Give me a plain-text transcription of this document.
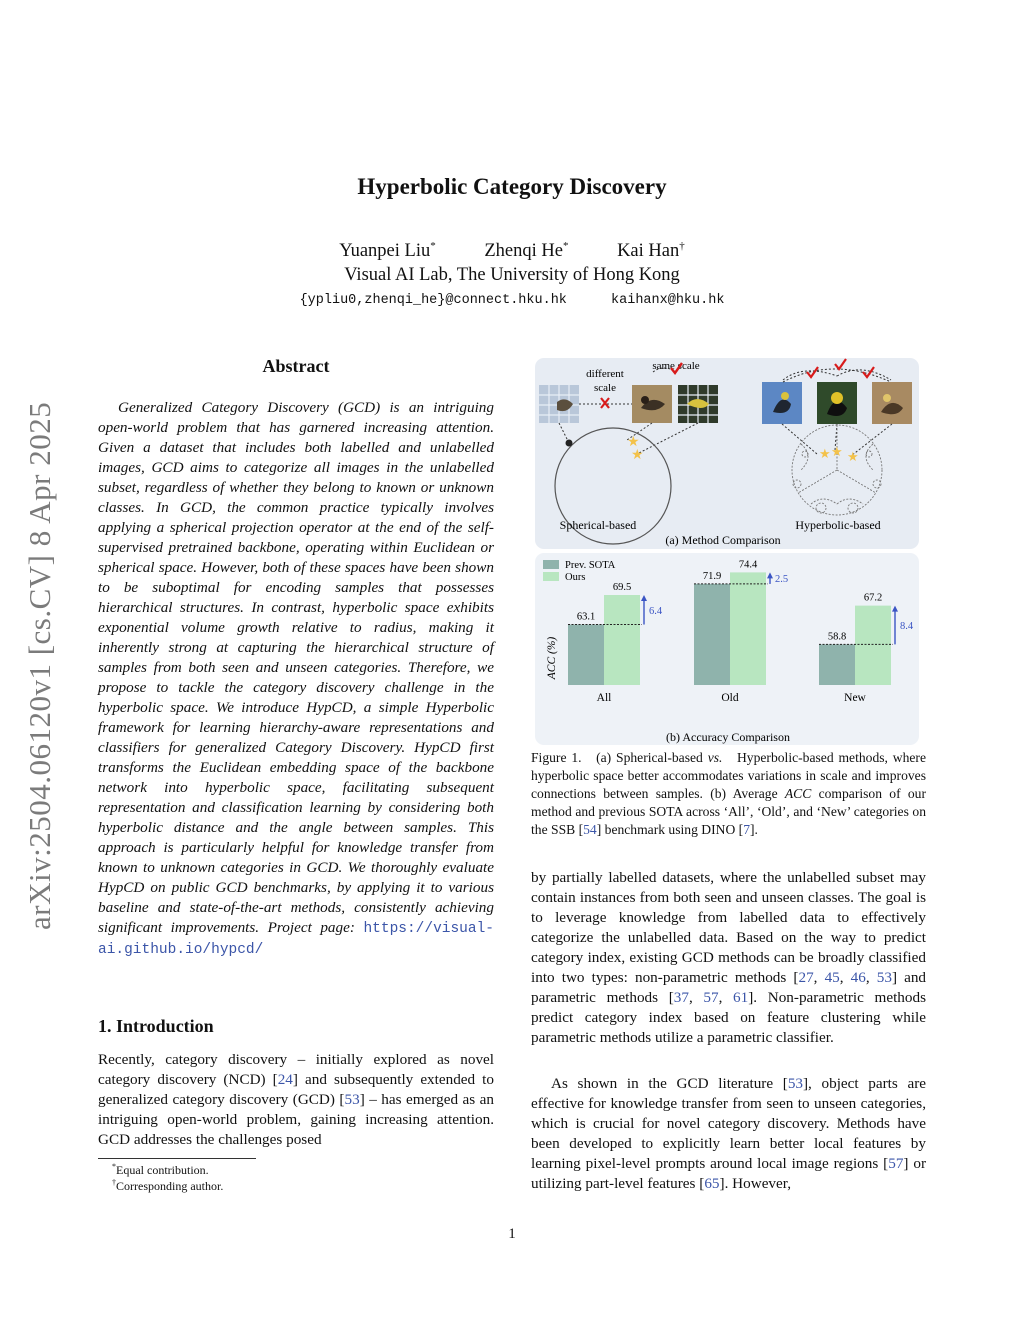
arXiv:2504.06120v1 [cs.CV] 8 Apr 2025
Hyperbolic Category Discovery
Yuanpei Liu*	Zhenqi He*	Kai Han†
Visual AI Lab, The University of Hong Kong
{ypliu0,zhenqi_he}@connect.hku.hk	kaihanx@hku.hk
Abstract
Generalized Category Discovery (GCD) is an intriguing open-world problem that has garnered increasing attention. Given a dataset that includes both labelled and unlabelled images, GCD aims to categorize all images in the unlabelled subset, regardless of whether they belong to known or unknown classes. In GCD, the common practice typically involves applying a spherical projection operator at the end of the self-supervised pretrained backbone, operating within Euclidean or spherical space. However, both of these spaces have been shown to be suboptimal for encoding samples that possesses hierarchical structures. In contrast, hyperbolic space exhibits exponential volume growth relative to radius, making it inherently strong at capturing the hierarchical structure of samples from both seen and unseen categories. Therefore, we propose to tackle the category discovery challenge in the hyperbolic space. We introduce HypCD, a simple Hyperbolic framework for learning hierarchy-aware representations and classifiers for generalized Category Discovery. HypCD first transforms the Euclidean embedding space of the backbone network into hyperbolic space, facilitating subsequent representation and classification learning by considering both hyperbolic distance and the angle between samples. This approach is particularly helpful for knowledge transfer from known to unknown categories in GCD. We thoroughly evaluate HypCD on public GCD benchmarks, by applying it to various baseline and state-of-the-art methods, consistently achieving significant improvements. Project page: https://visual-ai.github.io/hypcd/
1. Introduction
Recently, category discovery – initially explored as novel category discovery (NCD) [24] and subsequently extended to generalized category discovery (GCD) [53] – has emerged as an intriguing open-world problem, gaining increasing attention. GCD addresses the challenges posed
*Equal contribution.
†Corresponding author.
1
different
scale
same scale
★
★
Spherical-based
★ ★ ★
Hyperbolic-based
(a) Method Comparison
Prev. SOTA
Ours
ACC (%)
63.1
69.5
6.4
All
71.9
74.4
2.5
Old
58.8
67.2
8.4
New
(b) Accuracy Comparison
Figure 1. (a) Spherical-based vs. Hyperbolic-based methods, where hyperbolic space better accommodates variations in scale and improves connections between samples. (b) Average ACC comparison of our method and previous SOTA across ‘All’, ‘Old’, and ‘New’ categories on the SSB [54] benchmark using DINO [7].
by partially labelled datasets, where the unlabelled subset may contain instances from both seen and unseen classes. The goal is to leverage knowledge from labelled data to effectively categorize the unlabelled data. Based on the way to predict category index, existing GCD methods can be broadly classified into two types: non-parametric methods [27, 45, 46, 53] and parametric methods [37, 57, 61]. Non-parametric methods predict category index based on feature clustering while parametric methods utilize a parametric classifier.
As shown in the GCD literature [53], object parts are effective for knowledge transfer from seen to unseen categories, which is crucial for novel category discovery. Methods have been developed to explicitly learn better local features by learning pixel-level prompts around local image regions [57] or utilizing part-level features [65]. However,
